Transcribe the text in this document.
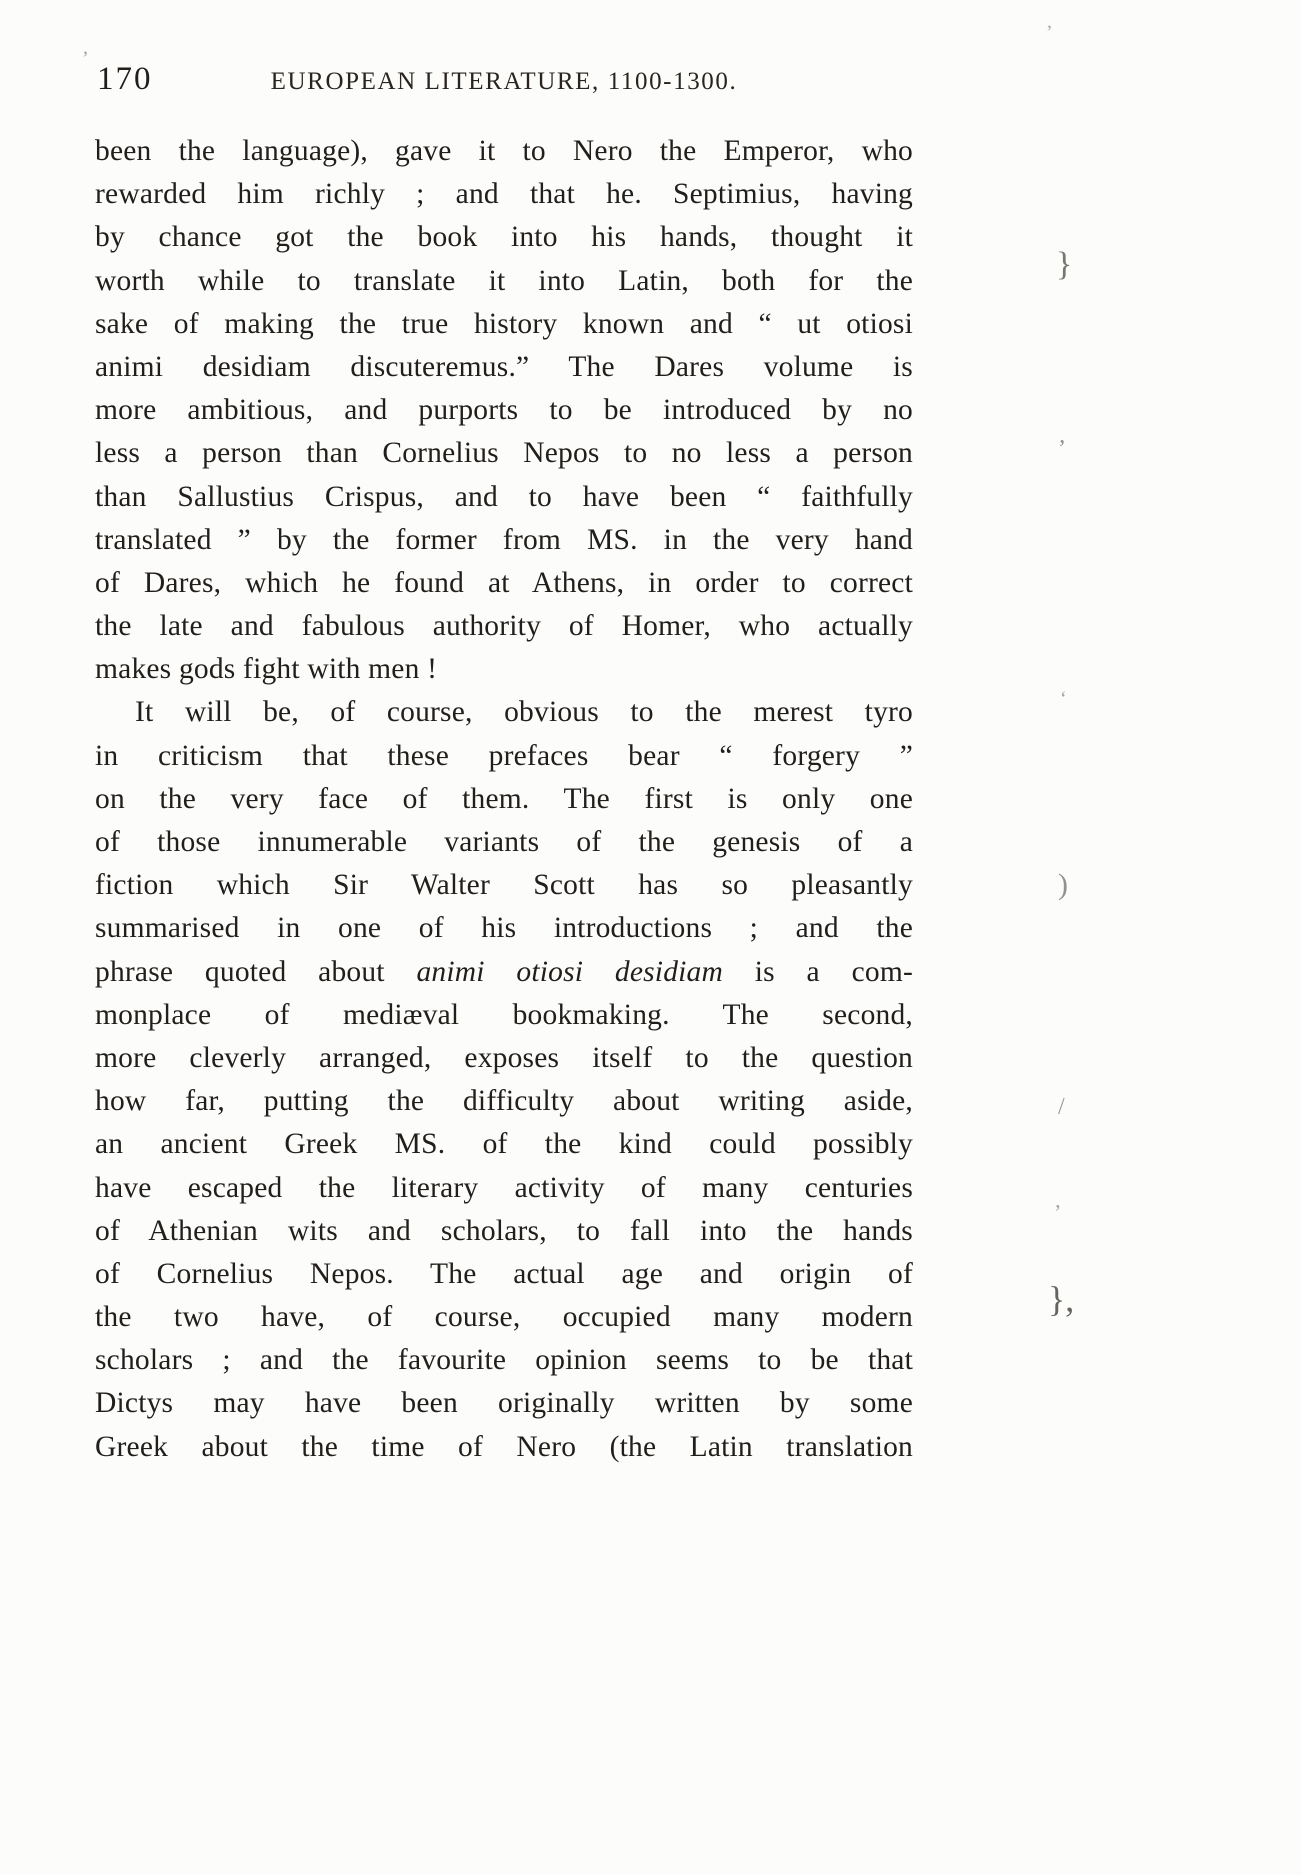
170	EUROPEAN LITERATURE, 1100-1300.
been the language), gave it to Nero the Emperor, who
rewarded him richly ; and that he. Septimius, having
by chance got the book into his hands, thought it
worth while to translate it into Latin, both for the
sake of making the true history known and “ ut otiosi
animi desidiam discuteremus.” The Dares volume is
more ambitious, and purports to be introduced by no
less a person than Cornelius Nepos to no less a person
than Sallustius Crispus, and to have been “ faithfully
translated ” by the former from MS. in the very hand
of Dares, which he found at Athens, in order to correct
the late and fabulous authority of Homer, who actually
makes gods fight with men !
It will be, of course, obvious to the merest tyro
in criticism that these prefaces bear “ forgery ”
on the very face of them. The first is only one
of those innumerable variants of the genesis of a
fiction which Sir Walter Scott has so pleasantly
summarised in one of his introductions ; and the
phrase quoted about animi otiosi desidiam is a com-
monplace of mediæval bookmaking. The second,
more cleverly arranged, exposes itself to the question
how far, putting the difficulty about writing aside,
an ancient Greek MS. of the kind could possibly
have escaped the literary activity of many centuries
of Athenian wits and scholars, to fall into the hands
of Cornelius Nepos. The actual age and origin of
the two have, of course, occupied many modern
scholars ; and the favourite opinion seems to be that
Dictys may have been originally written by some
Greek about the time of Nero (the Latin translation
ʼ
ʼ
}
ʼ
ʻ
)
/
ʼ
},
